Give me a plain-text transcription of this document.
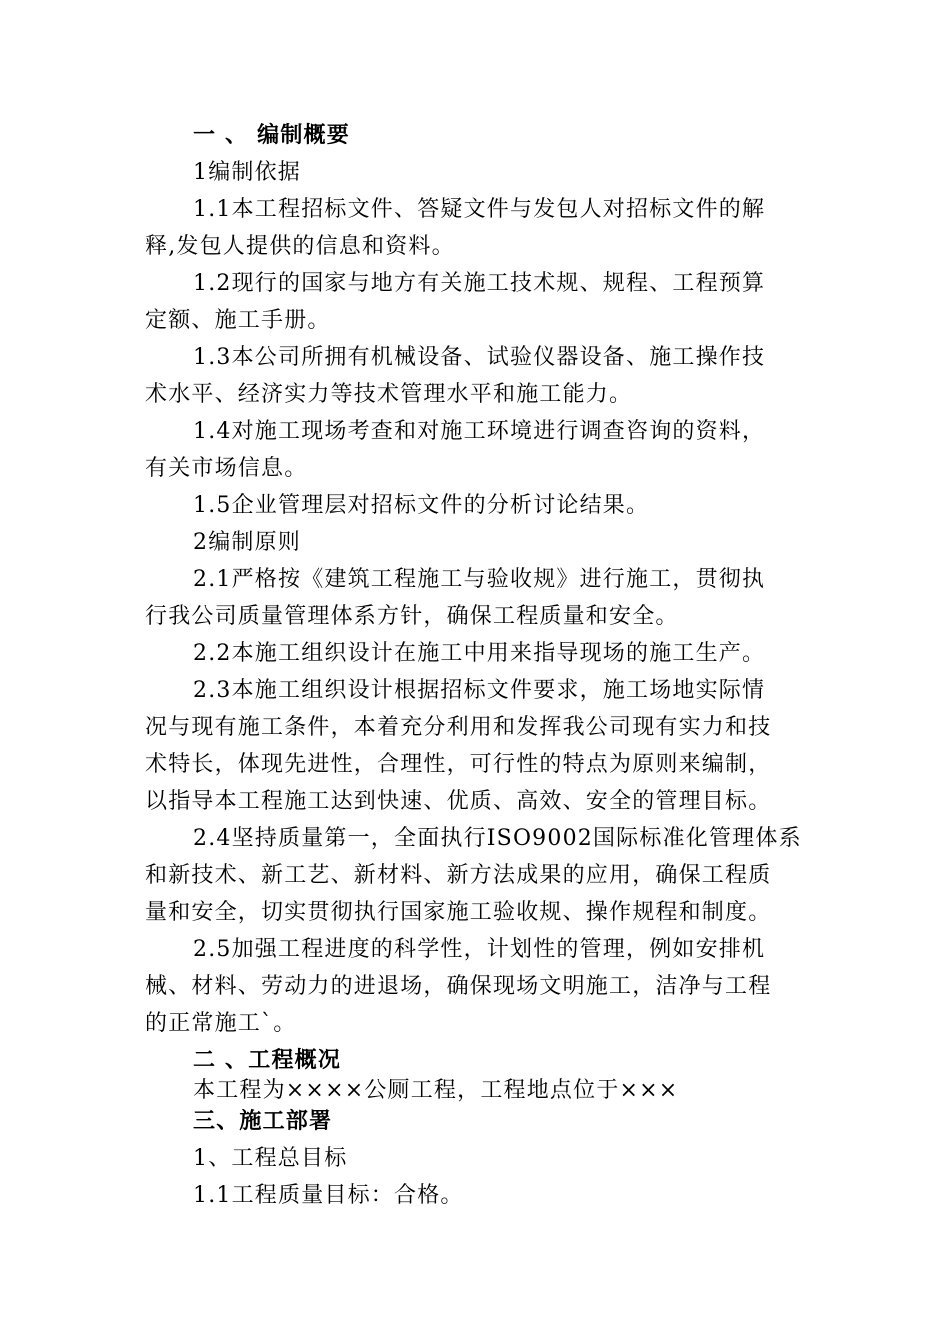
一 、 编制概要
1编制依据
1.1本工程招标文件、答疑文件与发包人对招标文件的解
释,发包人提供的信息和资料。
1.2现行的国家与地方有关施工技术规、规程、工程预算
定额、施工手册。
1.3本公司所拥有机械设备、试验仪器设备、施工操作技
术水平、经济实力等技术管理水平和施工能力。
1.4对施工现场考查和对施工环境进行调查咨询的资料，
有关市场信息。
1.5企业管理层对招标文件的分析讨论结果。
2编制原则
2.1严格按《建筑工程施工与验收规》进行施工，贯彻执
行我公司质量管理体系方针，确保工程质量和安全。
2.2本施工组织设计在施工中用来指导现场的施工生产。
2.3本施工组织设计根据招标文件要求，施工场地实际情
况与现有施工条件，本着充分利用和发挥我公司现有实力和技
术特长，体现先进性，合理性，可行性的特点为原则来编制，
以指导本工程施工达到快速、优质、高效、安全的管理目标。
2.4坚持质量第一，全面执行ISO9002国际标准化管理体系
和新技术、新工艺、新材料、新方法成果的应用，确保工程质
量和安全，切实贯彻执行国家施工验收规、操作规程和制度。
2.5加强工程进度的科学性，计划性的管理，例如安排机
械、材料、劳动力的进退场，确保现场文明施工，洁净与工程
的正常施工`。
二 、工程概况
本工程为××××公厕工程，工程地点位于×××
三、施工部署
1、工程总目标
1.1工程质量目标：合格。
